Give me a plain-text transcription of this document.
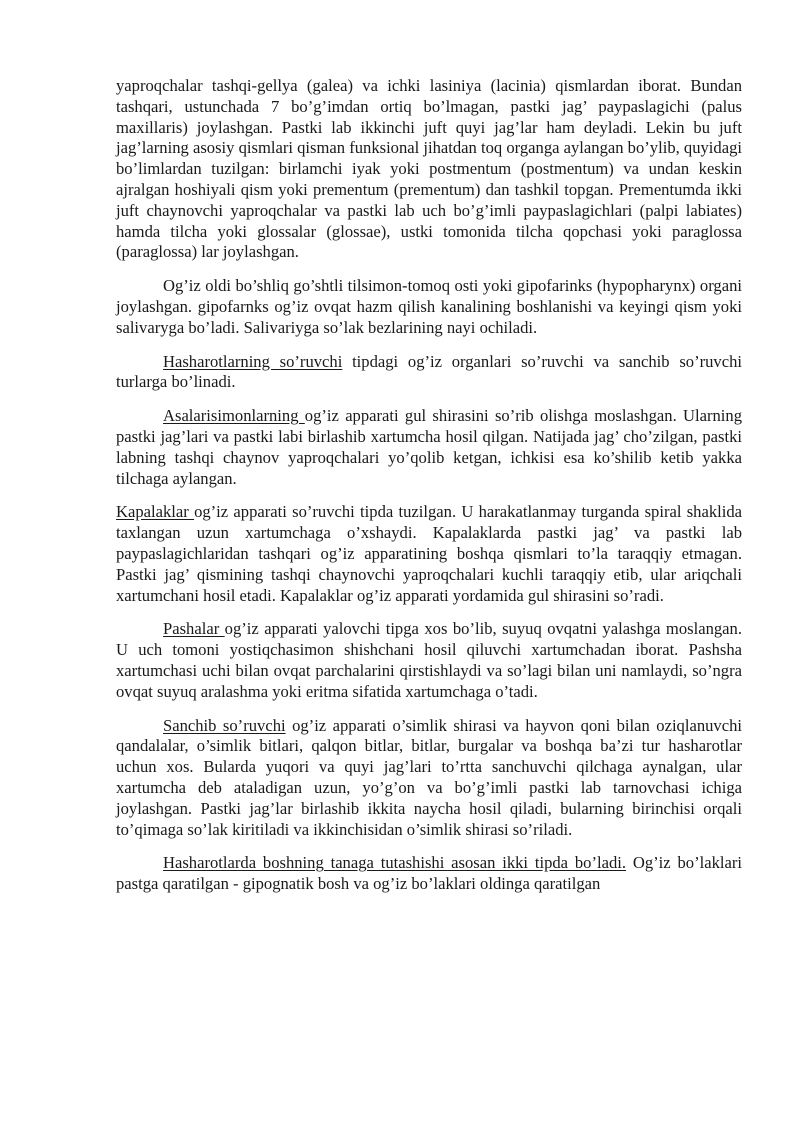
yaproqchalar tashqi-gellya (galea) va ichki lasiniya (lacinia) qismlardan iborat. Bundan tashqari, ustunchada 7 bo’g’imdan ortiq bo’lmagan, pastki jag’ paypaslagichi (palus maxillaris) joylashgan. Pastki lab ikkinchi juft quyi jag’lar ham deyladi. Lekin bu juft jag’larning asosiy qismlari qisman funksional jihatdan toq organga aylangan bo’ylib, quyidagi bo’limlardan tuzilgan: birlamchi iyak yoki postmentum (postmentum) va undan keskin ajralgan hoshiyali qism yoki prementum (prementum) dan tashkil topgan. Prementumda ikki juft chaynovchi yaproqchalar va pastki lab uch bo’g’imli paypaslagichlari (palpi labiates) hamda tilcha yoki glossalar (glossae), ustki tomonida tilcha qopchasi yoki paraglossa (paraglossa) lar joylashgan.

Og’iz oldi bo’shliq go’shtli tilsimon-tomoq osti yoki gipofarinks (hypopharynx) organi joylashgan. gipofarnks og’iz ovqat hazm qilish kanalining boshlanishi va keyingi qism yoki salivaryga bo’ladi. Salivariyga so’lak bezlarining nayi ochiladi.

Hasharotlarning so’ruvchi tipdagi og’iz organlari so’ruvchi va sanchib so’ruvchi turlarga bo’linadi.

Asalarisimonlarning og’iz apparati gul shirasini so’rib olishga moslashgan. Ularning pastki jag’lari va pastki labi birlashib xartumcha hosil qilgan. Natijada jag’ cho’zilgan, pastki labning tashqi chaynov yaproqchalari yo’qolib ketgan, ichkisi esa ko’shilib ketib yakka tilchaga aylangan.

Kapalaklar og’iz apparati so’ruvchi tipda tuzilgan. U harakatlanmay turganda spiral shaklida taxlangan uzun xartumchaga o’xshaydi. Kapalaklarda pastki jag’ va pastki lab paypaslagichlaridan tashqari og’iz apparatining boshqa qismlari to’la taraqqiy etmagan. Pastki jag’ qismining tashqi chaynovchi yaproqchalari kuchli taraqqiy etib, ular ariqchali xartumchani hosil etadi. Kapalaklar og’iz apparati yordamida gul shirasini so’radi.

Pashalar og’iz apparati yalovchi tipga xos bo’lib, suyuq ovqatni yalashga moslangan. U uch tomoni yostiqchasimon shishchani hosil qiluvchi xartumchadan iborat. Pashsha xartumchasi uchi bilan ovqat parchalarini qirstishlaydi va so’lagi bilan uni namlaydi, so’ngra ovqat suyuq aralashma yoki eritma sifatida xartumchaga o’tadi.

Sanchib so’ruvchi og’iz apparati o’simlik shirasi va hayvon qoni bilan oziqlanuvchi qandalalar, o’simlik bitlari, qalqon bitlar, bitlar, burgalar va boshqa ba’zi tur hasharotlar uchun xos. Bularda yuqori va quyi jag’lari to’rtta sanchuvchi qilchaga aynalgan, ular xartumcha deb ataladigan uzun, yo’g’on va bo’g’imli pastki lab tarnovchasi ichiga joylashgan. Pastki jag’lar birlashib ikkita naycha hosil qiladi, bularning birinchisi orqali to’qimaga so’lak kiritiladi va ikkinchisidan o’simlik shirasi so’riladi.

Hasharotlarda boshning tanaga tutashishi asosan ikki tipda bo’ladi. Og’iz bo’laklari pastga qaratilgan - gipognatik bosh va og’iz bo’laklari oldinga qaratilgan
